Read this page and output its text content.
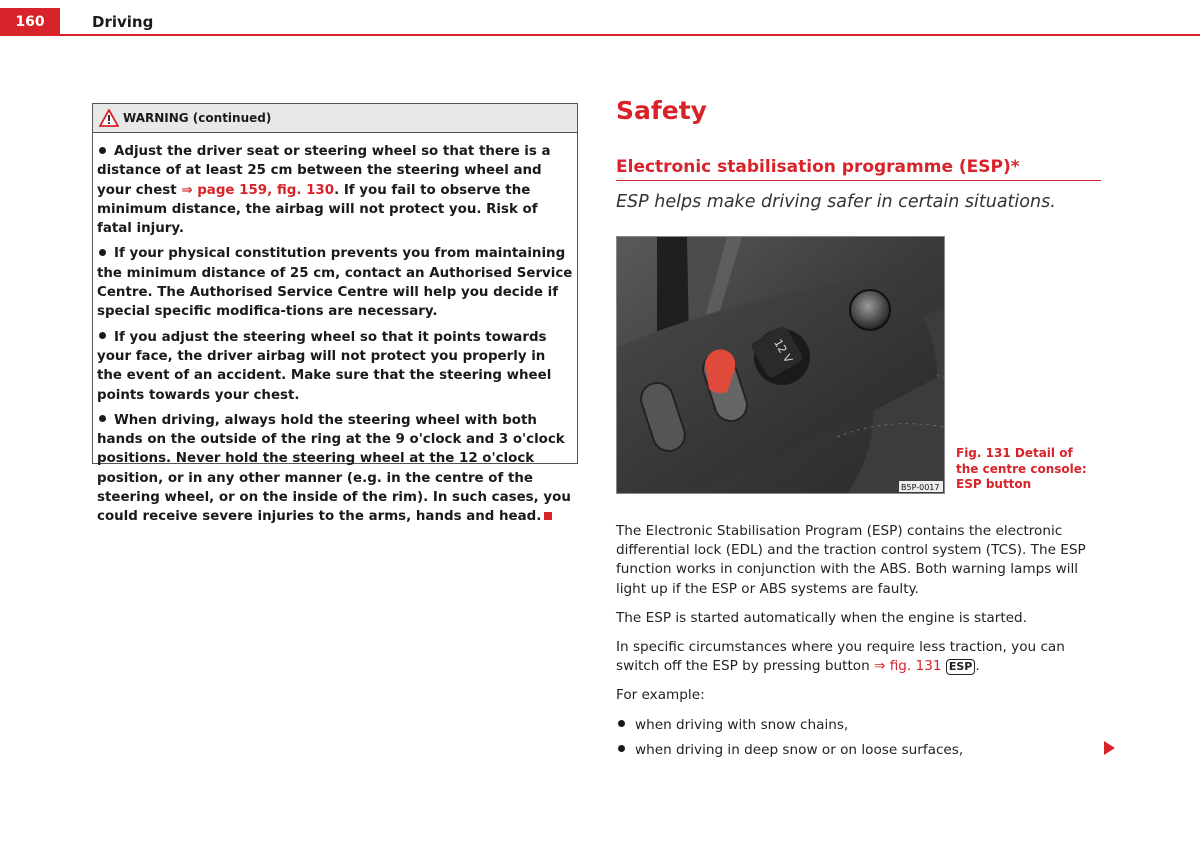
160	Driving
WARNING (continued)
Adjust the driver seat or steering wheel so that there is a distance of at least 25 cm between the steering wheel and your chest ⇒ page 159, fig. 130. If you fail to observe the minimum distance, the airbag will not protect you. Risk of fatal injury.
If your physical constitution prevents you from maintaining the minimum distance of 25 cm, contact an Authorised Service Centre. The Authorised Service Centre will help you decide if special specific modifica-tions are necessary.
If you adjust the steering wheel so that it points towards your face, the driver airbag will not protect you properly in the event of an accident. Make sure that the steering wheel points towards your chest.
When driving, always hold the steering wheel with both hands on the outside of the ring at the 9 o'clock and 3 o'clock positions. Never hold the steering wheel at the 12 o'clock position, or in any other manner (e.g. in the centre of the steering wheel, or on the inside of the rim). In such cases, you could receive severe injuries to the arms, hands and head.
Safety
Electronic stabilisation programme (ESP)*
ESP helps make driving safer in certain situations.
12 V
B5P-0017
Fig. 131 Detail of the centre console: ESP button

The Electronic Stabilisation Program (ESP) contains the electronic differential lock (EDL) and the traction control system (TCS). The ESP function works in conjunction with the ABS. Both warning lamps will light up if the ESP or ABS systems are faulty.

The ESP is started automatically when the engine is started.

In specific circumstances where you require less traction, you can switch off the ESP by pressing button ⇒ fig. 131 ESP .

For example:

when driving with snow chains,
when driving in deep snow or on loose surfaces,
